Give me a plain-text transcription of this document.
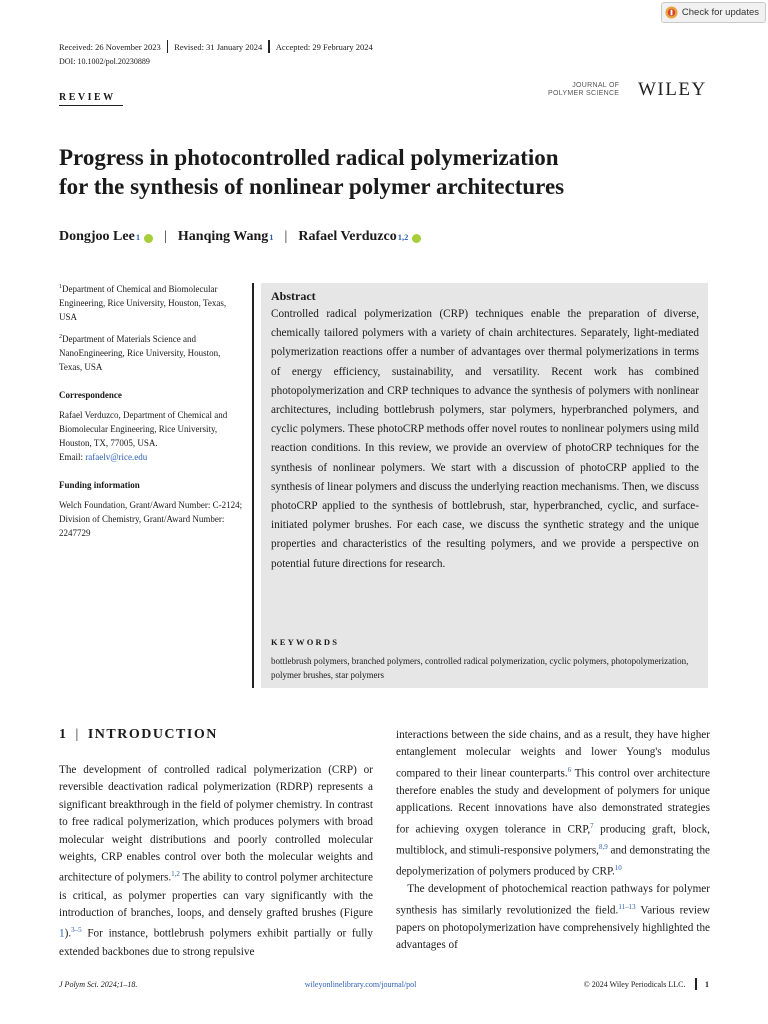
Check for updates
Received: 26 November 2023 Revised: 31 January 2024 Accepted: 29 February 2024
DOI: 10.1002/pol.20230889
REVIEW
JOURNAL OF
POLYMER SCIENCE WILEY
Progress in photocontrolled radical polymerization
for the synthesis of nonlinear polymer architectures
Dongjoo Lee 1 | Hanqing Wang 1 | Rafael Verduzco 1,2

$^1$Department of Chemical and Biomolecular Engineering, Rice University, Houston, Texas, USA

$^2$Department of Materials Science and NanoEngineering, Rice University, Houston, Texas, USA

Correspondence

Rafael Verduzco, Department of Chemical and Biomolecular Engineering, Rice University, Houston, TX, 77005, USA.
Email: rafaelv@rice.edu

Funding information

Welch Foundation, Grant/Award Number: C-2124; Division of Chemistry, Grant/Award Number: 2247729

Abstract

Controlled radical polymerization (CRP) techniques enable the preparation of diverse, chemically tailored polymers with a variety of chain architectures. Separately, light-mediated polymerization reactions offer a number of advantages over thermal polymerizations in terms of energy efficiency, sustainability, and versatility. Recent work has combined photopolymerization and CRP techniques to advance the synthesis of polymers with nonlinear architectures, including bottlebrush polymers, star polymers, hyperbranched polymers, and cyclic polymers. These photoCRP methods offer novel routes to nonlinear polymers using mild reaction conditions. In this review, we provide an overview of photoCRP techniques for the synthesis of nonlinear polymers. We start with a discussion of photoCRP applied to the synthesis of linear polymers and discuss the underlying reaction mechanisms. Then, we discuss photoCRP applied to the synthesis of bottlebrush, star, hyperbranched, cyclic, and surface-initiated polymer brushes. For each case, we discuss the synthetic strategy and the unique properties and characteristics of the resulting polymers, and we provide a perspective on potential future directions for research.

KEYWORDS

bottlebrush polymers, branched polymers, controlled radical polymerization, cyclic polymers, photopolymerization, polymer brushes, star polymers

1 | INTRODUCTION

The development of controlled radical polymerization (CRP) or reversible deactivation radical polymerization (RDRP) represents a significant breakthrough in the field of polymer chemistry. In contrast to free radical polymerization, which produces polymers with broad molecular weight distributions and poorly controlled molecular weights, CRP enables control over both the molecular weights and architecture of polymers.$^{1,2}$ The ability to control polymer architecture is critical, as polymer properties can vary significantly with the introduction of branches, loops, and densely grafted brushes (Figure 1).$^{3-5}$ For instance, bottlebrush polymers exhibit partially or fully extended backbones due to strong repulsive

interactions between the side chains, and as a result, they have higher entanglement molecular weights and lower Young's modulus compared to their linear counterparts.$^6$ This control over architecture therefore enables the study and development of polymers for unique applications. Recent innovations have also demonstrated strategies for achieving oxygen tolerance in CRP,$^7$ producing graft, block, multiblock, and stimuli-responsive polymers,$^{8,9}$ and demonstrating the depolymerization of polymers produced by CRP.$^{10}$
 The development of photochemical reaction pathways for polymer synthesis has similarly revolutionized the field.$^{11-13}$ Various review papers on photopolymerization have comprehensively highlighted the advantages of

J Polym Sci. 2024;1–18.	wileyonlinelibrary.com/journal/pol	© 2024 Wiley Periodicals LLC. 1
